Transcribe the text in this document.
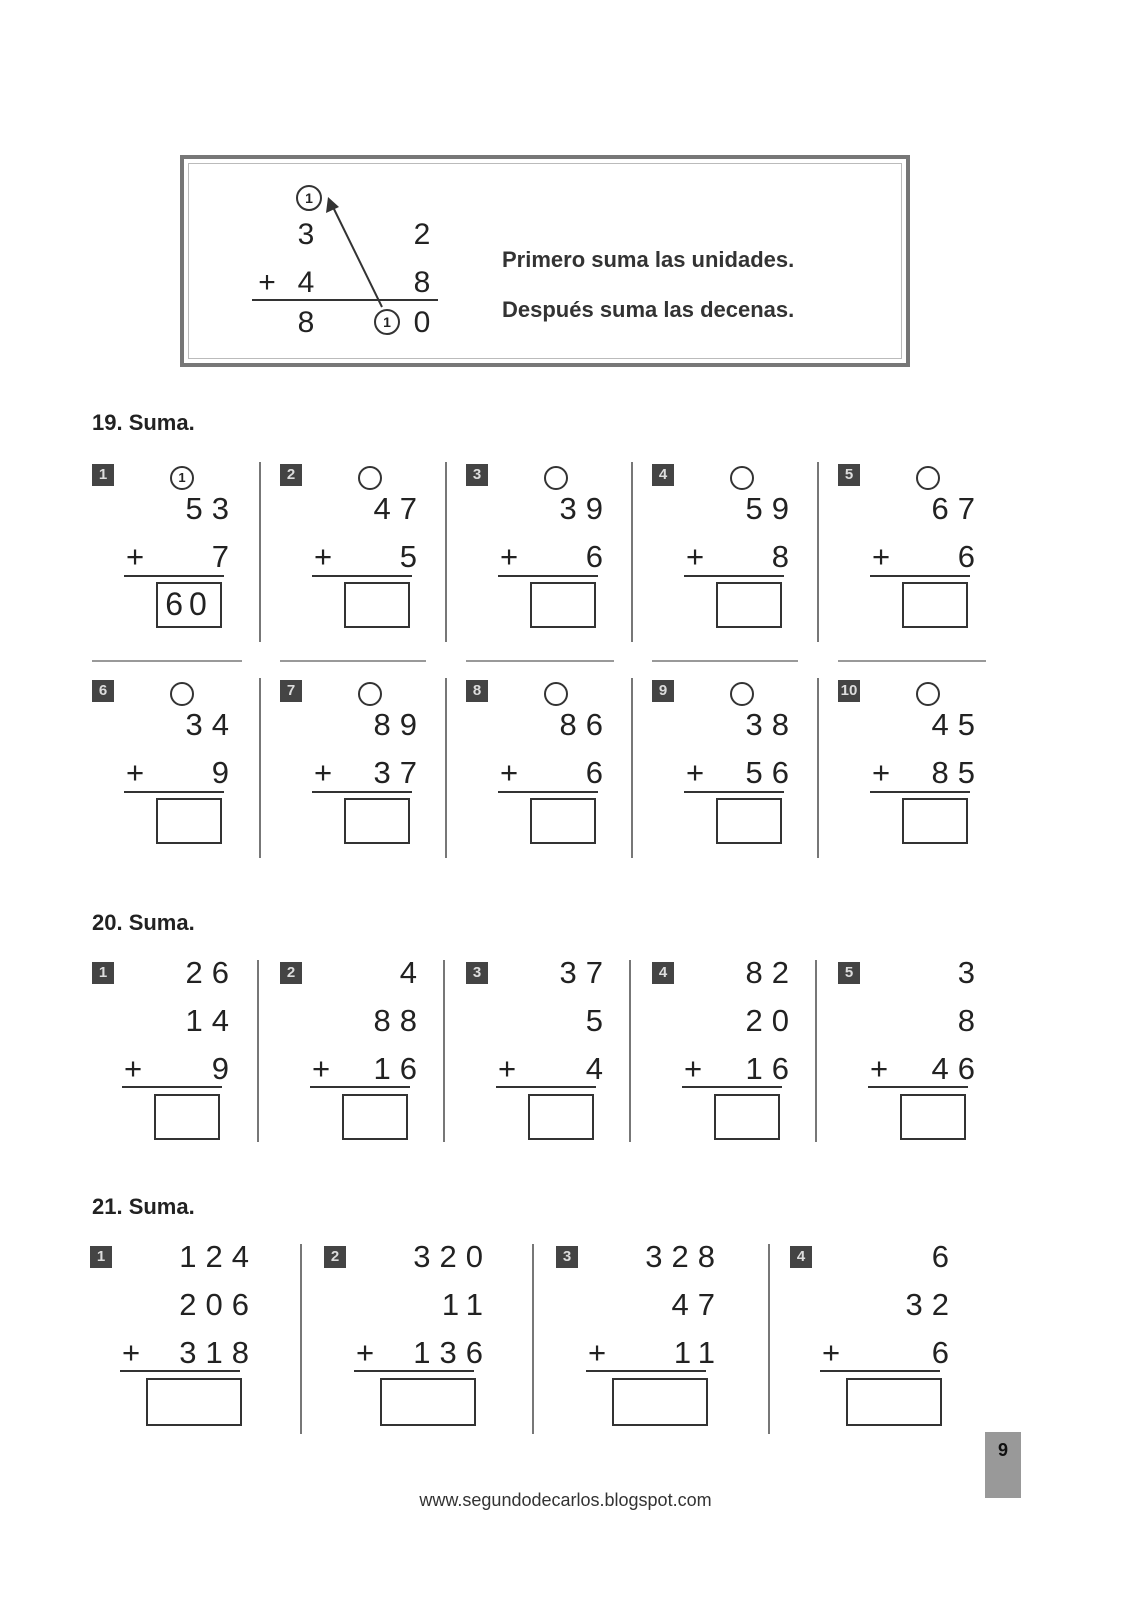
1
3	2
+ 4	8
8	1 0
Primero suma las unidades.
Después suma las decenas.
19. Suma.
1	1
53
+	7
60
2
47
+	5
3
39
+	6
4
59
+	8
5
67
+	6
6
34
+	9
7
89
+	37
8
86
+	6
9
38
+	56
10
45
+	85
20. Suma.
1	26
14
+	9
2	4
88
+	16
3	37
5
+	4
4	82
20
+	16
5	3
8
+	46
21. Suma.
1	124
206
+	318
2	320
11
+	136
3	328
47
+	11
4	6
32
+	6
9
www.segundodecarlos.blogspot.com
